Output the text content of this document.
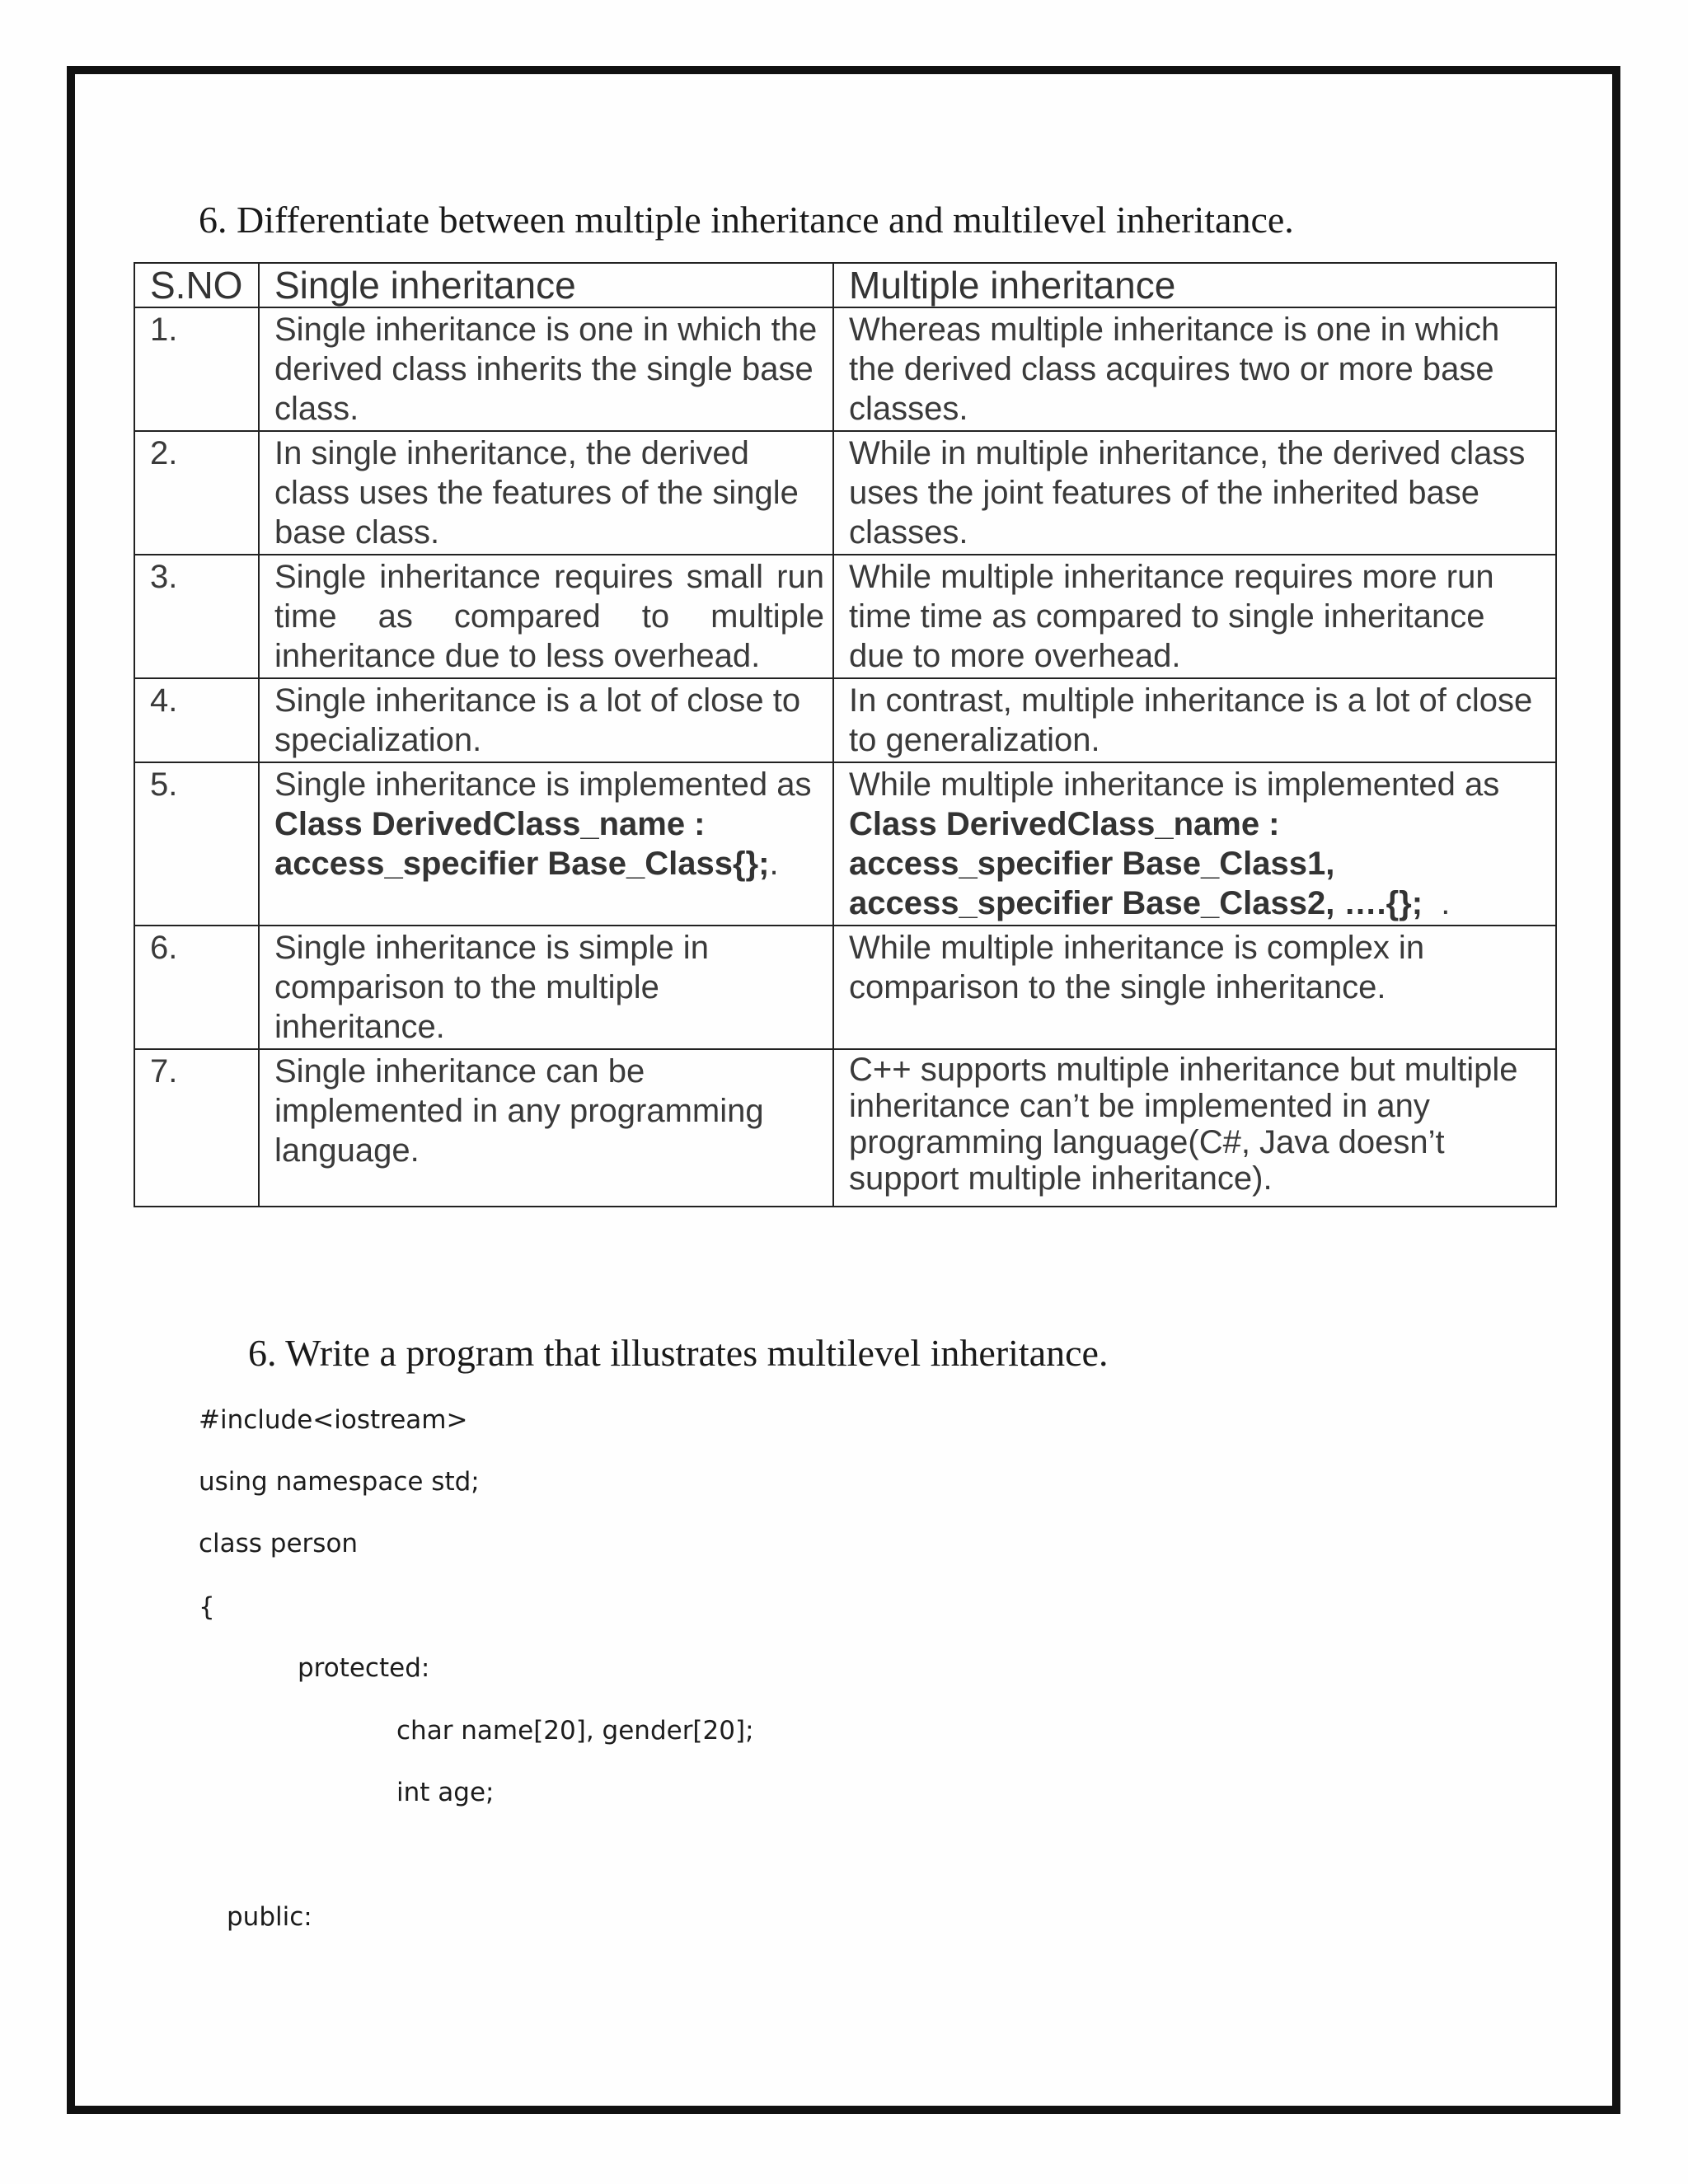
6. Differentiate between multiple inheritance and multilevel inheritance.
S.NO	Single inheritance	Multiple inheritance
1.	Single inheritance is one in which the derived class inherits the single base class.	Whereas multiple inheritance is one in which the derived class acquires two or more base classes.
2.	In single inheritance, the derived class uses the features of the single base class.	While in multiple inheritance, the derived class uses the joint features of the inherited base classes.
3.	Single inheritance requires small run time as compared to multiple inheritance due to less overhead.	While multiple inheritance requires more run time time as compared to single inheritance due to more overhead.
4.	Single inheritance is a lot of close to specialization.	In contrast, multiple inheritance is a lot of close to generalization.
5.	Single inheritance is implemented as Class DerivedClass_name : access_specifier Base_Class{};.	While multiple inheritance is implemented as Class DerivedClass_name : access_specifier Base_Class1, access_specifier Base_Class2, ….{};  .
6.	Single inheritance is simple in comparison to the multiple inheritance.	While multiple inheritance is complex in comparison to the single inheritance.
7.	Single inheritance can be implemented in any programming language.	C++ supports multiple inheritance but multiple inheritance can’t be implemented in any programming language(C#, Java doesn’t support multiple inheritance).
6. Write a program that illustrates multilevel inheritance.

#include<iostream>

using namespace std;

class person

{

protected:

char name[20], gender[20];

int age;

public:
